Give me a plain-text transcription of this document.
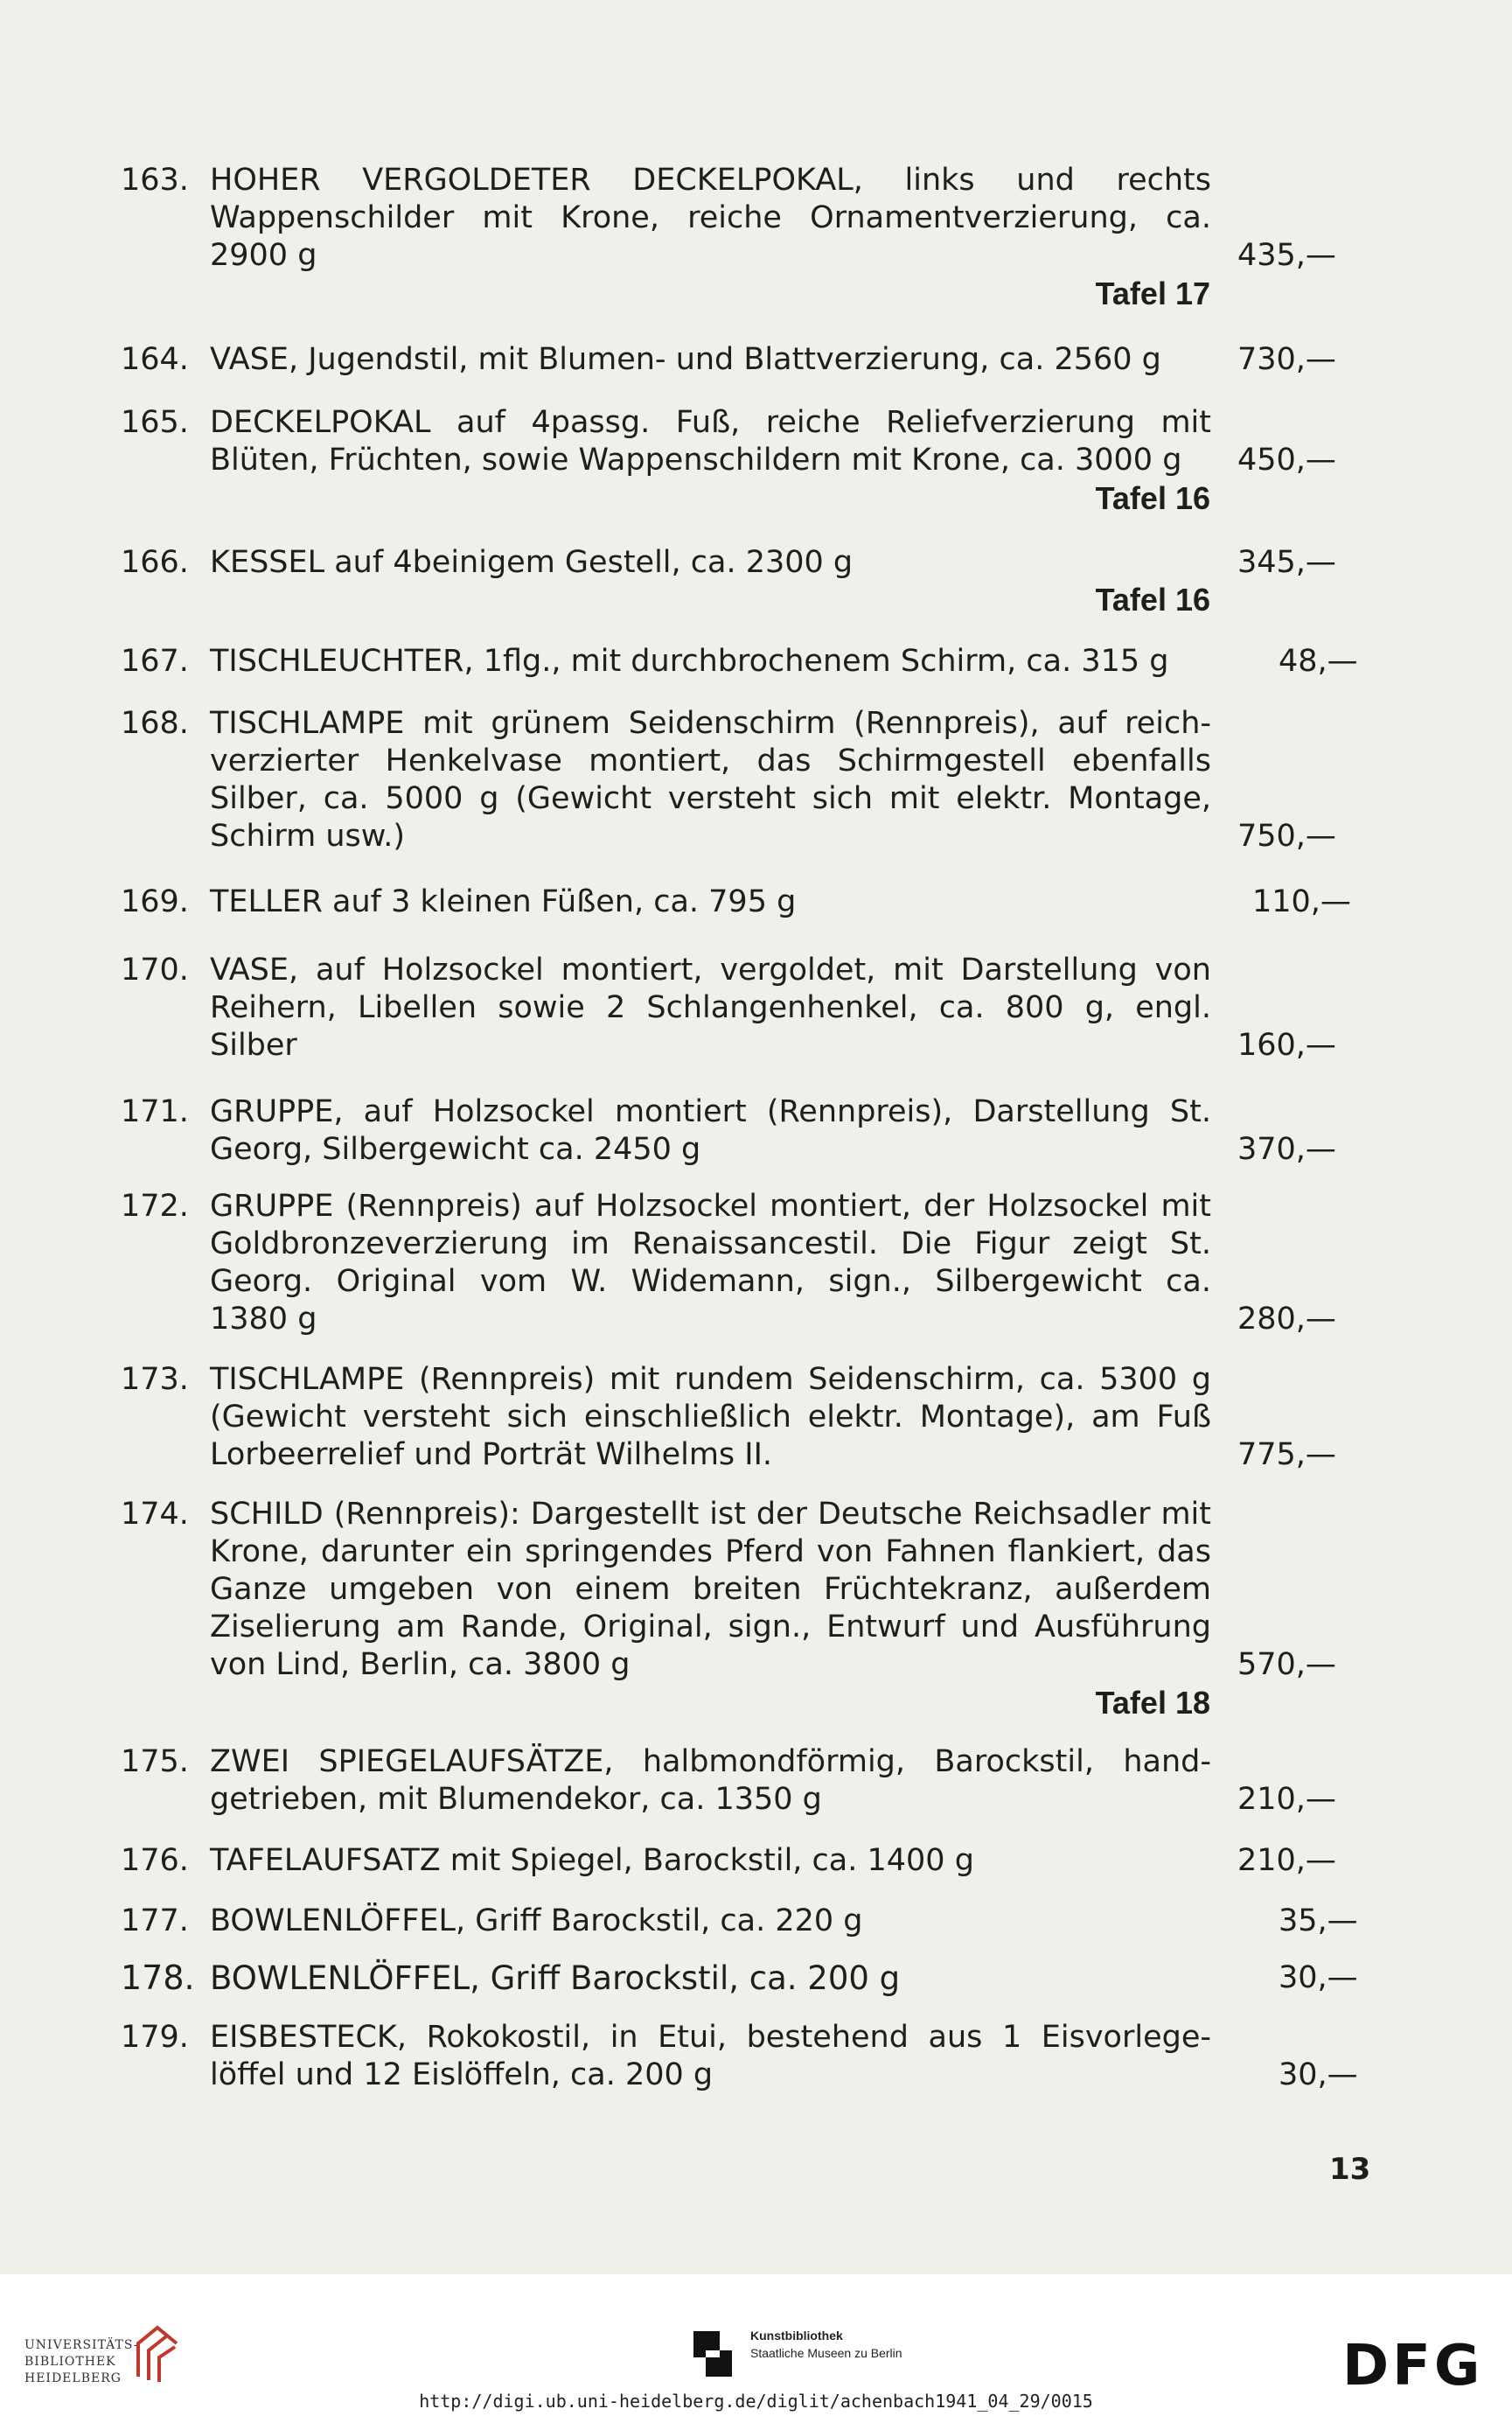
163. HOHER VERGOLDETER DECKELPOKAL, links und rechts
Wappenschilder mit Krone, reiche Ornamentverzierung, ca.
2900 g	435,—
Tafel 17
164. VASE, Jugendstil, mit Blumen- und Blattverzierung, ca. 2560 g	730,—
165. DECKELPOKAL auf 4passg. Fuß, reiche Reliefverzierung mit
Blüten, Früchten, sowie Wappenschildern mit Krone, ca. 3000 g	450,—
Tafel 16
166. KESSEL auf 4beinigem Gestell, ca. 2300 g	345,—
Tafel 16
167. TISCHLEUCHTER, 1flg., mit durchbrochenem Schirm, ca. 315 g	48,—
168. TISCHLAMPE mit grünem Seidenschirm (Rennpreis), auf reich-
verzierter Henkelvase montiert, das Schirmgestell ebenfalls
Silber, ca. 5000 g (Gewicht versteht sich mit elektr. Montage,
Schirm usw.)	750,—
169. TELLER auf 3 kleinen Füßen, ca. 795 g	110,—
170. VASE, auf Holzsockel montiert, vergoldet, mit Darstellung von
Reihern, Libellen sowie 2 Schlangenhenkel, ca. 800 g, engl.
Silber	160,—
171. GRUPPE, auf Holzsockel montiert (Rennpreis), Darstellung St.
Georg, Silbergewicht ca. 2450 g	370,—
172. GRUPPE (Rennpreis) auf Holzsockel montiert, der Holzsockel mit
Goldbronzeverzierung im Renaissancestil. Die Figur zeigt St.
Georg. Original vom W. Widemann, sign., Silbergewicht ca.
1380 g	280,—
173. TISCHLAMPE (Rennpreis) mit rundem Seidenschirm, ca. 5300 g
(Gewicht versteht sich einschließlich elektr. Montage), am Fuß
Lorbeerrelief und Porträt Wilhelms II.	775,—
174. SCHILD (Rennpreis): Dargestellt ist der Deutsche Reichsadler mit
Krone, darunter ein springendes Pferd von Fahnen flankiert, das
Ganze umgeben von einem breiten Früchtekranz, außerdem
Ziselierung am Rande, Original, sign., Entwurf und Ausführung
von Lind, Berlin, ca. 3800 g	570,—
Tafel 18
175. ZWEI SPIEGELAUFSÄTZE, halbmondförmig, Barockstil, hand-
getrieben, mit Blumendekor, ca. 1350 g	210,—
176. TAFELAUFSATZ mit Spiegel, Barockstil, ca. 1400 g	210,—
177. BOWLENLÖFFEL, Griff Barockstil, ca. 220 g	35,—
178. BOWLENLÖFFEL, Griff Barockstil, ca. 200 g	30,—
179. EISBESTECK, Rokokostil, in Etui, bestehend aus 1 Eisvorlege-
löffel und 12 Eislöffeln, ca. 200 g	30,—
13
UNIVERSITÄTS-
BIBLIOTHEK
HEIDELBERG
Kunstbibliothek
Staatliche Museen zu Berlin	DFG
http://digi.ub.uni-heidelberg.de/diglit/achenbach1941_04_29/0015
